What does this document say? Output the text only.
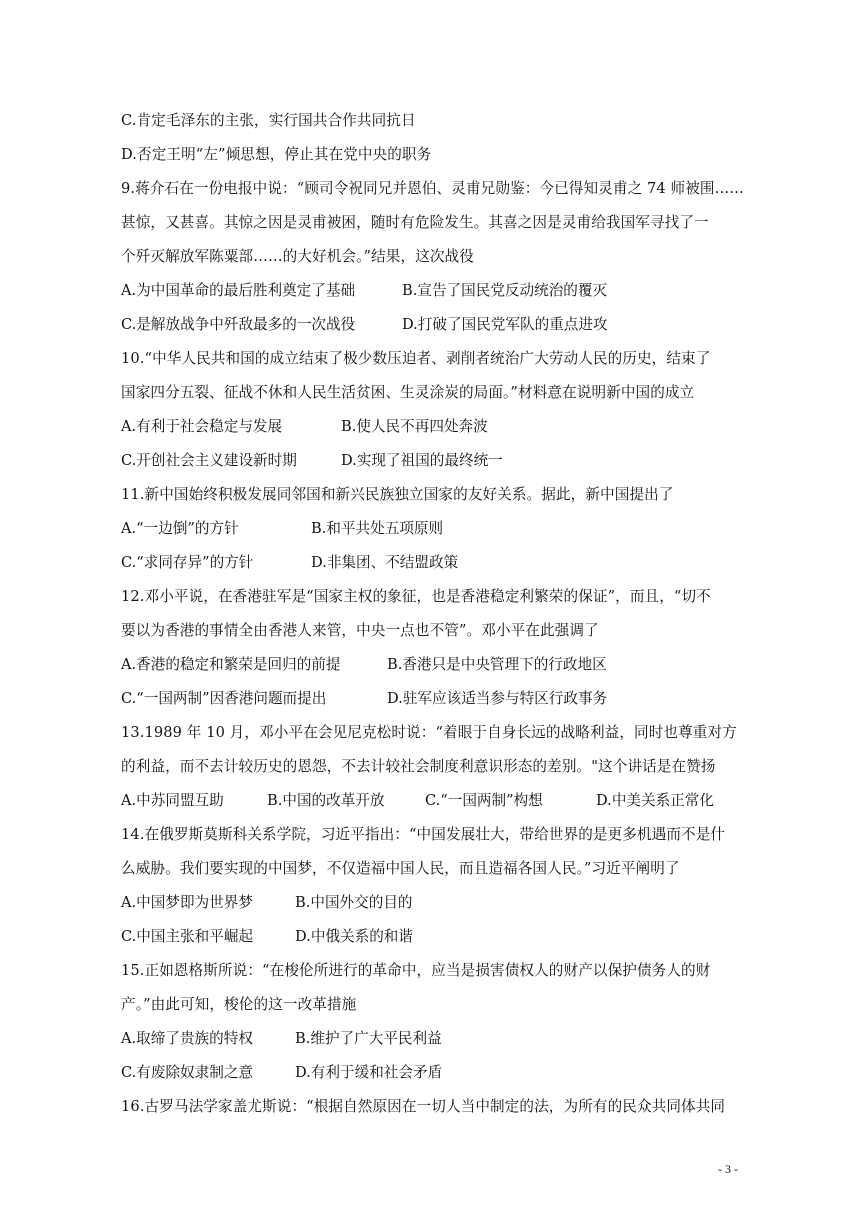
C.肯定毛泽东的主张，实行国共合作共同抗日
D.否定王明“左”倾思想，停止其在党中央的职务
9.蒋介石在一份电报中说：“顾司令祝同兄并恩伯、灵甫兄勋鉴：今已得知灵甫之 74 师被围……
甚惊，又甚喜。其惊之因是灵甫被困，随时有危险发生。其喜之因是灵甫给我国军寻找了一
个歼灭解放军陈粟部……的大好机会。”结果，这次战役
A.为中国革命的最后胜利奠定了基础	B.宣告了国民党反动统治的覆灭
C.是解放战争中歼敌最多的一次战役	D.打破了国民党军队的重点进攻
10.“中华人民共和国的成立结束了极少数压迫者、剥削者统治广大劳动人民的历史，结束了
国家四分五裂、征战不休和人民生活贫困、生灵涂炭的局面。”材料意在说明新中国的成立
A.有利于社会稳定与发展	B.使人民不再四处奔波
C.开创社会主义建设新时期	D.实现了祖国的最终统一
11.新中国始终积极发展同邻国和新兴民族独立国家的友好关系。据此，新中国提出了
A.“一边倒”的方针	B.和平共处五项原则
C.“求同存异”的方针	D.非集团、不结盟政策
12.邓小平说，在香港驻军是“国家主权的象征，也是香港稳定利繁荣的保证”，而且，“切不
要以为香港的事情全由香港人来管，中央一点也不管”。邓小平在此强调了
A.香港的稳定和繁荣是回归的前提	B.香港只是中央管理下的行政地区
C.“一国两制”因香港问题而提出	D.驻军应该适当参与特区行政事务
13.1989 年 10 月，邓小平在会见尼克松时说：“着眼于自身长远的战略利益，同时也尊重对方
的利益，而不去计较历史的恩怨，不去计较社会制度利意识形态的差别。"这个讲话是在赞扬
A.中苏同盟互助	B.中国的改革开放	C.“一国两制”构想	D.中美关系正常化
14.在俄罗斯莫斯科关系学院，习近平指出：“中国发展壮大，带给世界的是更多机遇而不是什
么威胁。我们要实现的中国梦，不仅造福中国人民，而且造福各国人民。”习近平阐明了
A.中国梦即为世界梦	B.中国外交的目的
C.中国主张和平崛起	D.中俄关系的和谐
15.正如恩格斯所说：“在梭伦所进行的革命中，应当是损害债权人的财产以保护债务人的财
产。”由此可知，梭伦的这一改革措施
A.取缔了贵族的特权	B.维护了广大平民利益
C.有废除奴隶制之意	D.有利于缓和社会矛盾
16.古罗马法学家盖尤斯说：“根据自然原因在一切人当中制定的法，为所有的民众共同体共同
- 3 -
